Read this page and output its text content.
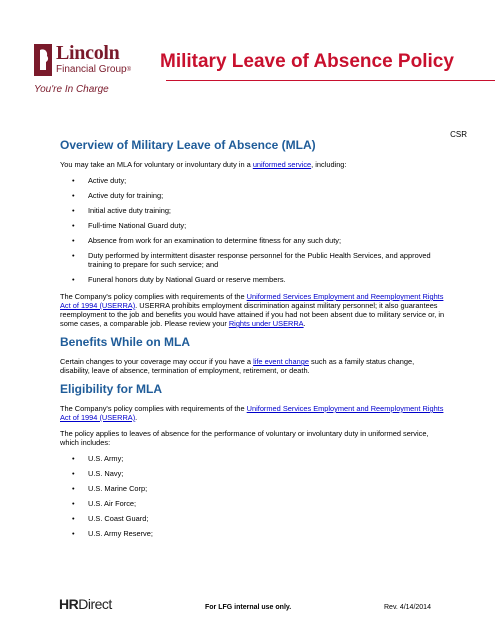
Lincoln
Financial Group®
You're In Charge
Military Leave of Absence Policy
CSR
Overview of Military Leave of Absence (MLA)

You may take an MLA for voluntary or involuntary duty in a uniformed service, including:

• Active duty;
• Active duty for training;
• Initial active duty training;
• Full-time National Guard duty;
• Absence from work for an examination to determine fitness for any such duty;
• Duty performed by intermittent disaster response personnel for the Public Health Services, and approved training to prepare for such service; and
• Funeral honors duty by National Guard or reserve members.

The Company's policy complies with requirements of the Uniformed Services Employment and Reemployment Rights Act of 1994 (USERRA). USERRA prohibits employment discrimination against military personnel; it also guarantees reemployment to the job and benefits you would have attained if you had not been absent due to military service or, in some cases, a comparable job. Please review your Rights under USERRA.

Benefits While on MLA

Certain changes to your coverage may occur if you have a life event change such as a family status change, disability, leave of absence, termination of employment, retirement, or death.

Eligibility for MLA

The Company's policy complies with requirements of the Uniformed Services Employment and Reemployment Rights Act of 1994 (USERRA).

The policy applies to leaves of absence for the performance of voluntary or involuntary duty in uniformed service, which includes:

• U.S. Army;
• U.S. Navy;
• U.S. Marine Corp;
• U.S. Air Force;
• U.S. Coast Guard;
• U.S. Army Reserve;
HRDirect	For LFG internal use only.	Rev. 4/14/2014
